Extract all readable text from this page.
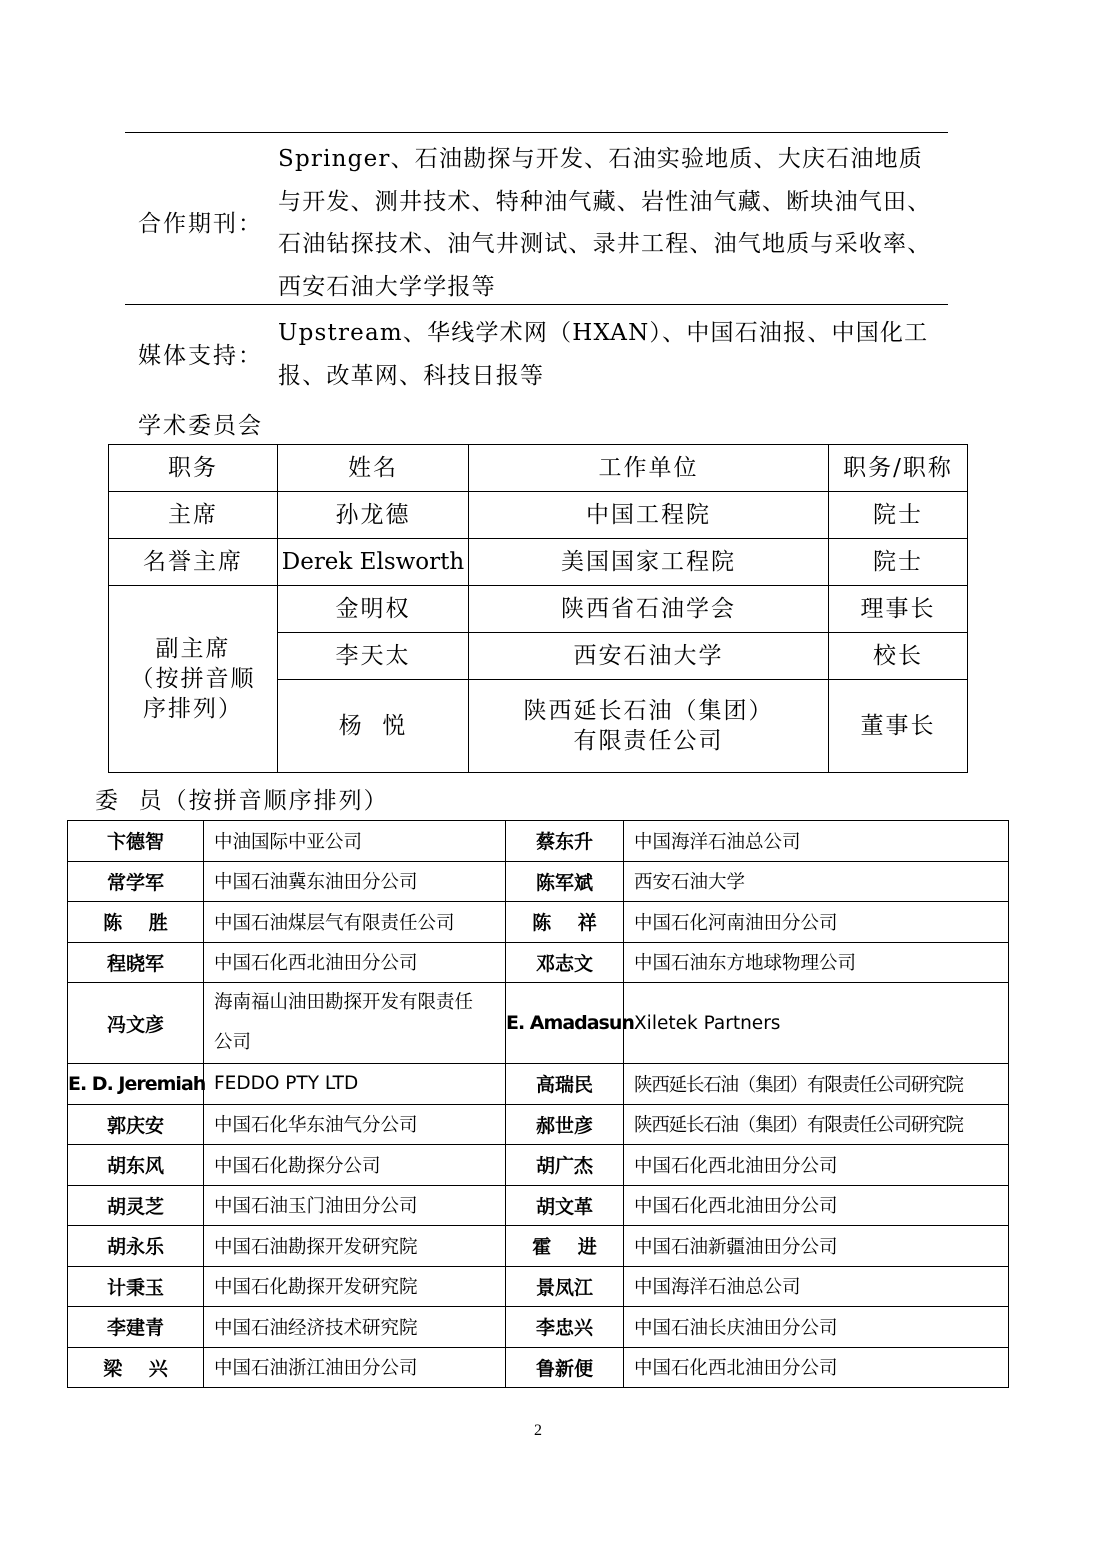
合作期刊：
Springer、石油勘探与开发、石油实验地质、大庆石油地质
与开发、测井技术、特种油气藏、岩性油气藏、断块油气田、
石油钻探技术、油气井测试、录井工程、油气地质与采收率、
西安石油大学学报等
媒体支持：
Upstream、华线学术网（HXAN）、中国石油报、中国化工
报、改革网、科技日报等
学术委员会
职务	姓名	工作单位	职务/职称
主席	孙龙德	中国工程院	院士
名誉主席	Derek Elsworth	美国国家工程院	院士

副主席
（按拼音顺
序排列）	金明权	陕西省石油学会	理事长
	李天太	西安石油大学	校长
	杨  悦	陕西延长石油（集团）
有限责任公司	董事长
委  员（按拼音顺序排列）
卞德智	中油国际中亚公司	蔡东升	中国海洋石油总公司
常学军	中国石油冀东油田分公司	陈军斌	西安石油大学
陈    胜	中国石油煤层气有限责任公司	陈    祥	中国石化河南油田分公司
程晓军	中国石化西北油田分公司	邓志文	中国石油东方地球物理公司
冯文彦	海南福山油田勘探开发有限责任
公司	E. Amadasun	Xiletek Partners
E. D. Jeremiah	FEDDO PTY LTD	高瑞民	陕西延长石油（集团）有限责任公司研究院
郭庆安	中国石化华东油气分公司	郝世彦	陕西延长石油（集团）有限责任公司研究院
胡东风	中国石化勘探分公司	胡广杰	中国石化西北油田分公司
胡灵芝	中国石油玉门油田分公司	胡文革	中国石化西北油田分公司
胡永乐	中国石油勘探开发研究院	霍    进	中国石油新疆油田分公司
计秉玉	中国石化勘探开发研究院	景凤江	中国海洋石油总公司
李建青	中国石油经济技术研究院	李忠兴	中国石油长庆油田分公司
梁    兴	中国石油浙江油田分公司	鲁新便	中国石化西北油田分公司
2
